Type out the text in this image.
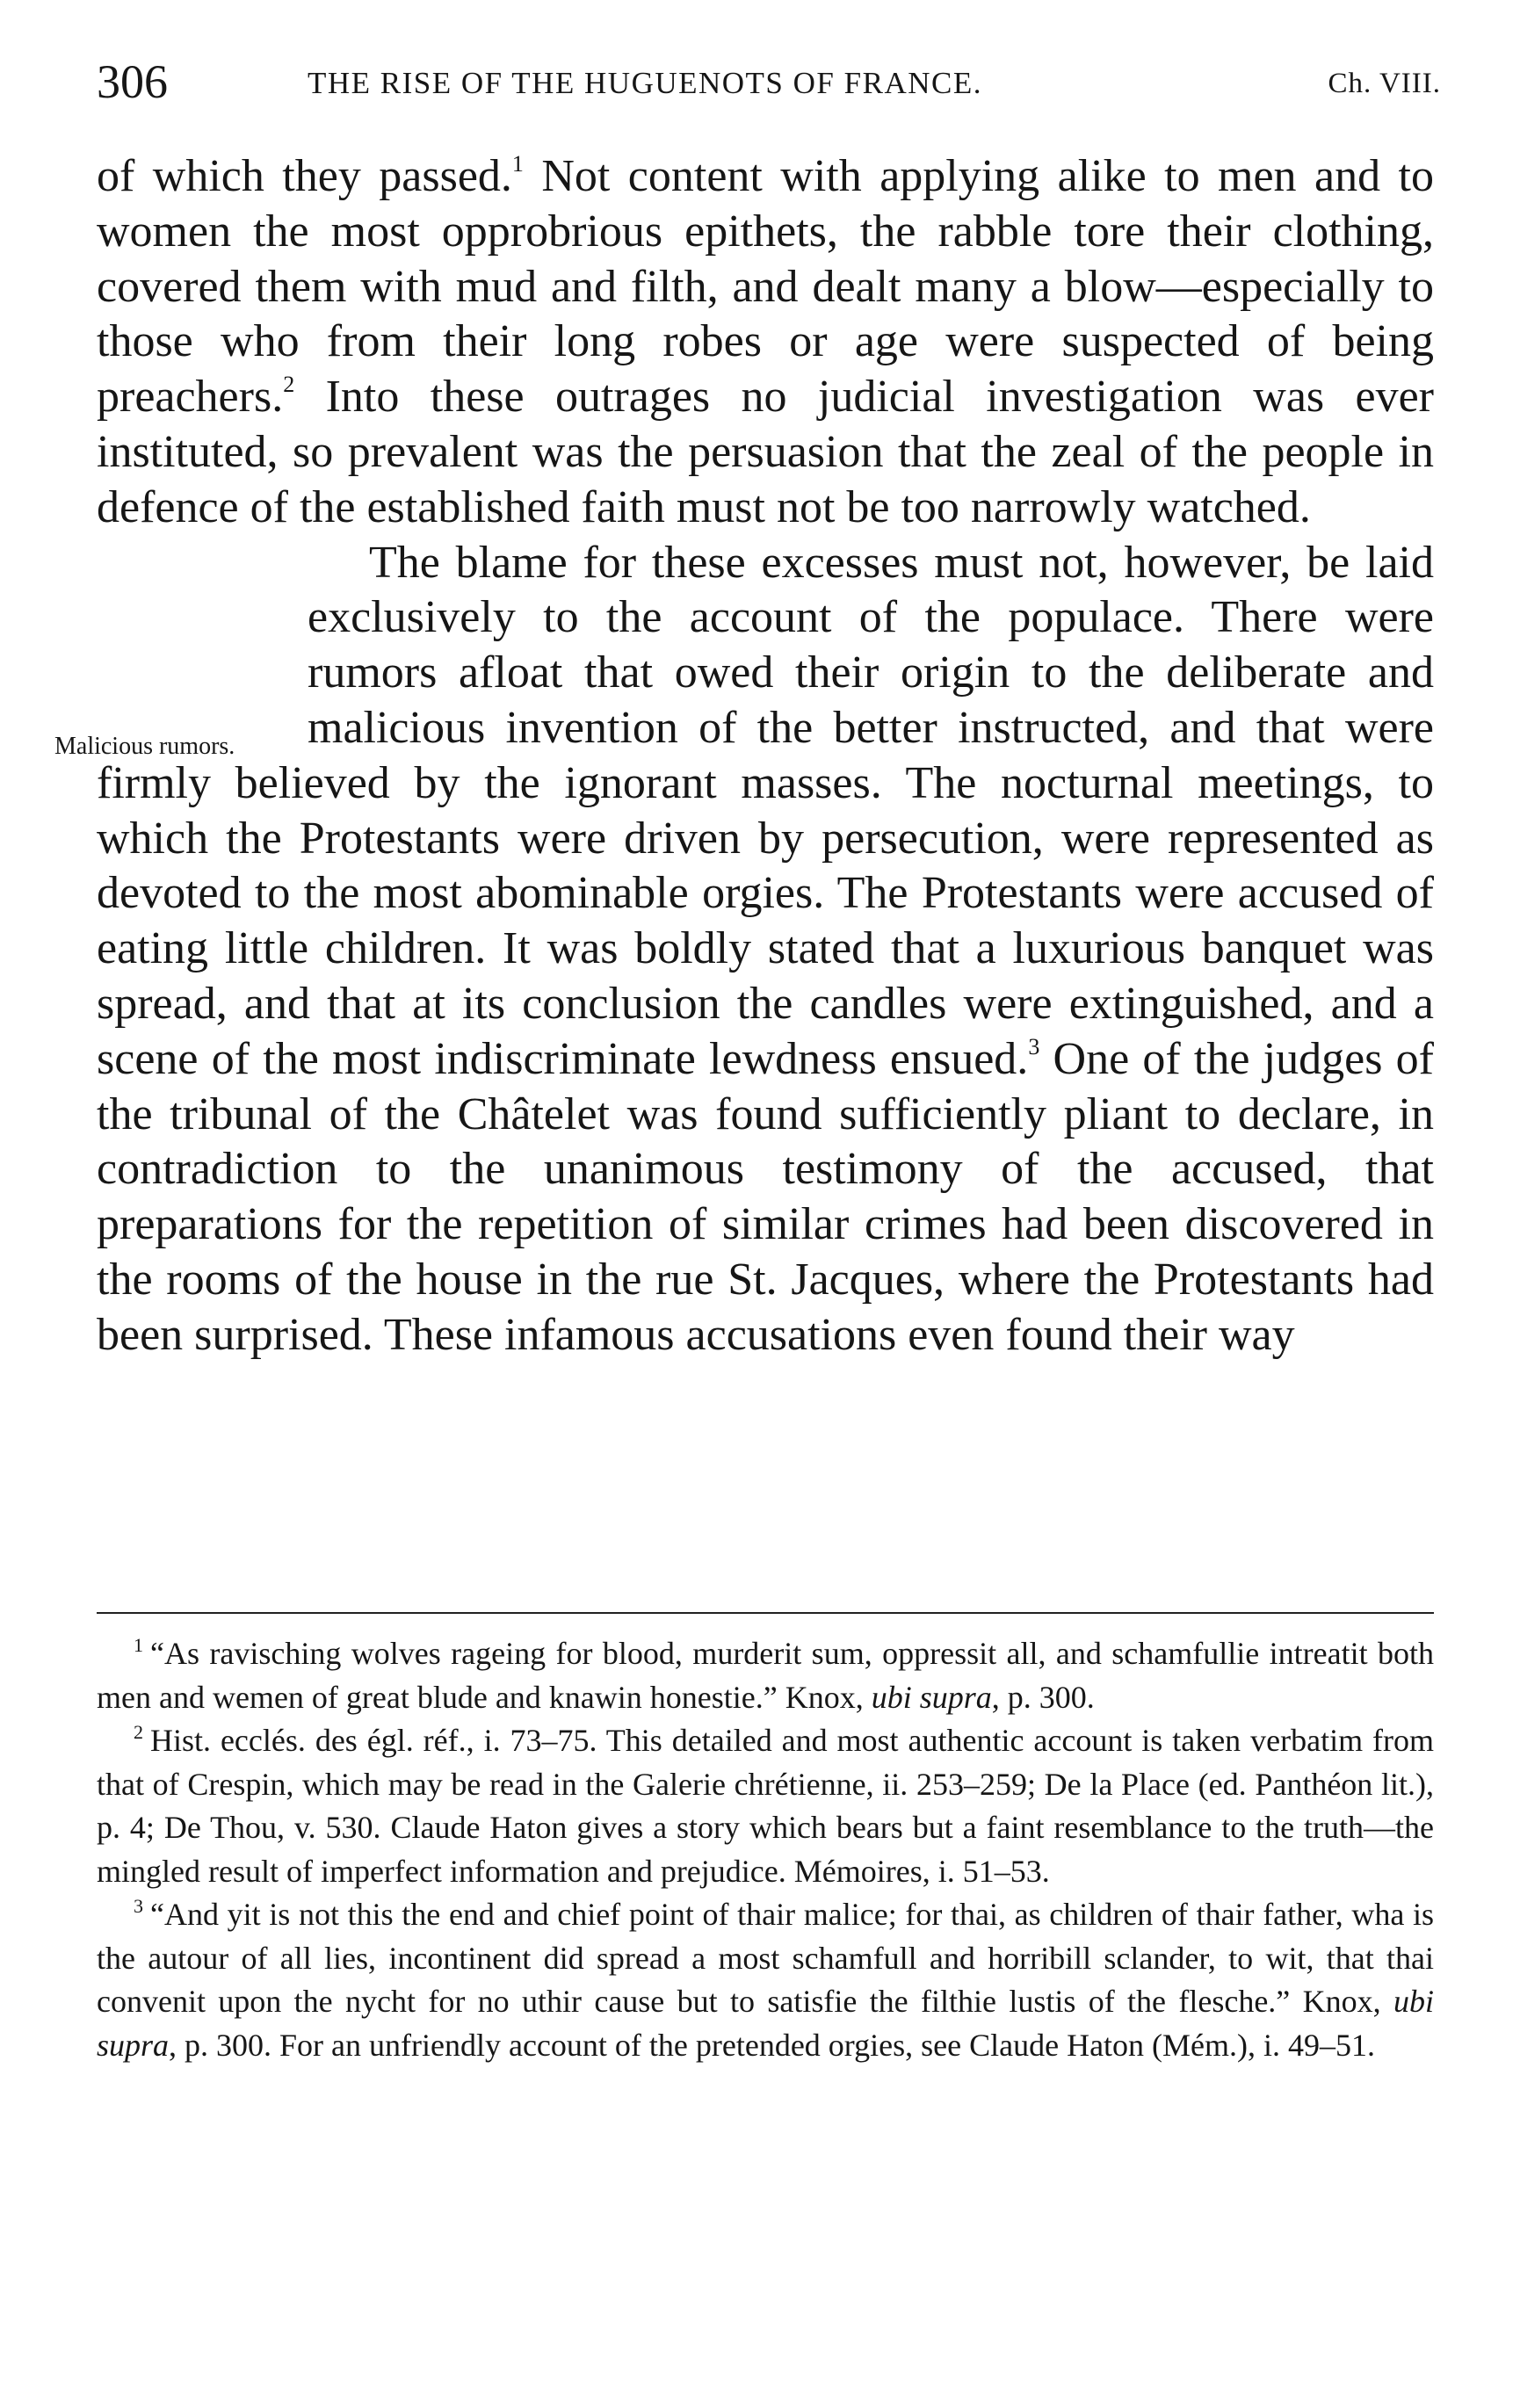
306	THE RISE OF THE HUGUENOTS OF FRANCE.	Ch. VIII.
Malicious rumors.

of which they passed.$^1$ Not content with applying alike to men and to women the most opprobrious epithets, the rabble tore their clothing, covered them with mud and filth, and dealt many a blow—especially to those who from their long robes or age were suspected of being preachers.$^2$ Into these outrages no judicial investigation was ever instituted, so prevalent was the persuasion that the zeal of the people in defence of the established faith must not be too narrowly watched.

The blame for these excesses must not, however, be laid exclusively to the account of the populace. There were rumors afloat that owed their origin to the deliberate and malicious invention of the better instructed, and that were firmly believed by the ignorant masses. The nocturnal meetings, to which the Protestants were driven by persecution, were represented as devoted to the most abominable orgies. The Protestants were accused of eating little children. It was boldly stated that a luxurious banquet was spread, and that at its conclusion the candles were extinguished, and a scene of the most indiscriminate lewdness ensued.$^3$ One of the judges of the tribunal of the Châtelet was found sufficiently pliant to declare, in contradiction to the unanimous testimony of the accused, that preparations for the repetition of similar crimes had been discovered in the rooms of the house in the rue St. Jacques, where the Protestants had been surprised. These infamous accusations even found their way

$^1$ “As ravisching wolves rageing for blood, murderit sum, oppressit all, and schamfullie intreatit both men and wemen of great blude and knawin honestie.” Knox, ubi supra, p. 300.

$^2$ Hist. ecclés. des égl. réf., i. 73–75. This detailed and most authentic account is taken verbatim from that of Crespin, which may be read in the Galerie chrétienne, ii. 253–259; De la Place (ed. Panthéon lit.), p. 4; De Thou, v. 530. Claude Haton gives a story which bears but a faint resemblance to the truth—the mingled result of imperfect information and prejudice. Mémoires, i. 51–53.

$^3$ “And yit is not this the end and chief point of thair malice; for thai, as children of thair father, wha is the autour of all lies, incontinent did spread a most schamfull and horribill sclander, to wit, that thai convenit upon the nycht for no uthir cause but to satisfie the filthie lustis of the flesche.” Knox, ubi supra, p. 300. For an unfriendly account of the pretended orgies, see Claude Haton (Mém.), i. 49–51.
